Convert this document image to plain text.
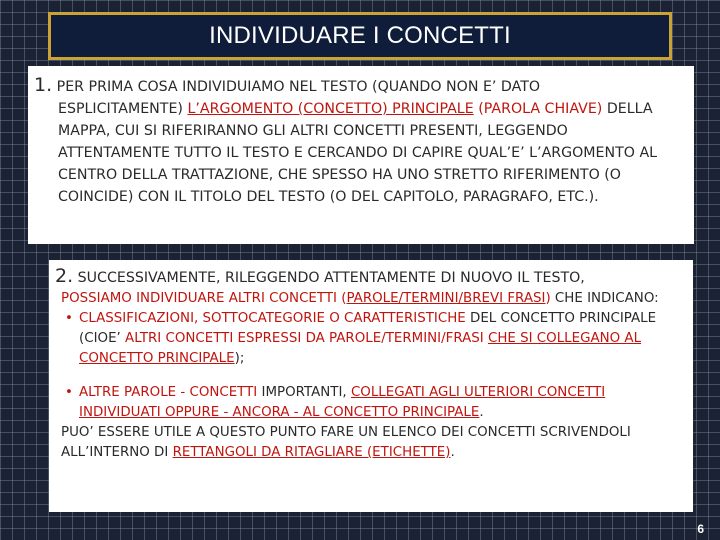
INDIVIDUARE I CONCETTI
1. PER PRIMA COSA INDIVIDUIAMO NEL TESTO (QUANDO NON E’ DATO
ESPLICITAMENTE) L’ARGOMENTO (CONCETTO) PRINCIPALE (PAROLA CHIAVE) DELLA MAPPA, CUI SI RIFERIRANNO GLI ALTRI CONCETTI PRESENTI, LEGGENDO ATTENTAMENTE TUTTO IL TESTO E CERCANDO DI CAPIRE QUAL’E’ L’ARGOMENTO AL CENTRO DELLA TRATTAZIONE, CHE SPESSO HA UNO STRETTO RIFERIMENTO (O COINCIDE) CON IL TITOLO DEL TESTO (O DEL CAPITOLO, PARAGRAFO, ETC.).
2. SUCCESSIVAMENTE, RILEGGENDO ATTENTAMENTE DI NUOVO IL TESTO,
POSSIAMO INDIVIDUARE ALTRI CONCETTI (PAROLE/TERMINI/BREVI FRASI) CHE INDICANO:
• CLASSIFICAZIONI, SOTTOCATEGORIE O CARATTERISTICHE DEL CONCETTO PRINCIPALE (CIOE’ ALTRI CONCETTI ESPRESSI DA PAROLE/TERMINI/FRASI CHE SI COLLEGANO AL CONCETTO PRINCIPALE);
• ALTRE PAROLE - CONCETTI IMPORTANTI, COLLEGATI AGLI ULTERIORI CONCETTI INDIVIDUATI OPPURE - ANCORA - AL CONCETTO PRINCIPALE.
PUO’ ESSERE UTILE A QUESTO PUNTO FARE UN ELENCO DEI CONCETTI SCRIVENDOLI ALL’INTERNO DI RETTANGOLI DA RITAGLIARE (ETICHETTE).
6
